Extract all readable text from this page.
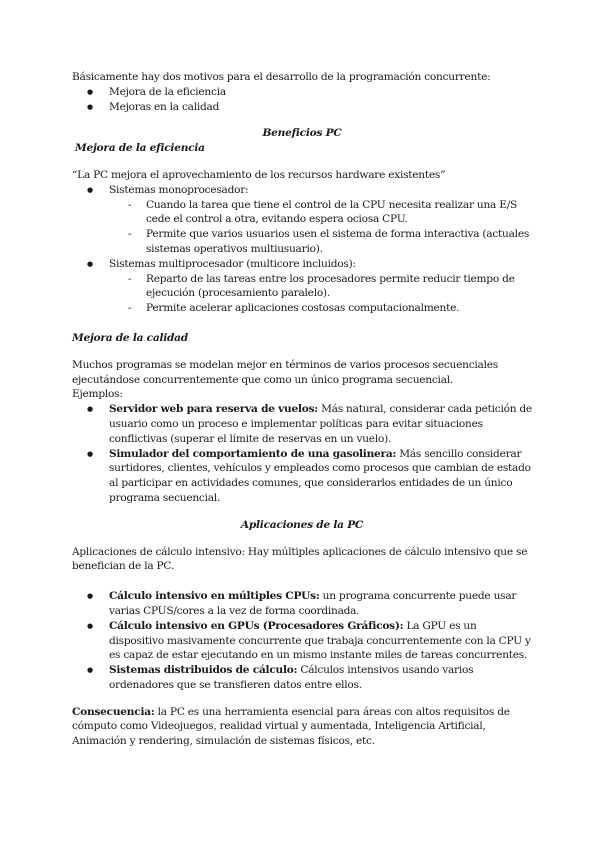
Básicamente hay dos motivos para el desarrollo de la programación concurrente:

● Mejora de la eficiencia
● Mejoras en la calidad

Beneficios PC

Mejora de la eficiencia

“La PC mejora el aprovechamiento de los recursos hardware existentes”

● Sistemas monoprocesador:
- Cuando la tarea que tiene el control de la CPU necesita realizar una E/S cede el control a otra, evitando espera ociosa CPU.
- Permite que varios usuarios usen el sistema de forma interactiva (actuales sistemas operativos multiusuario).
● Sistemas multiprocesador (multicore incluidos):
- Reparto de las tareas entre los procesadores permite reducir tiempo de ejecución (procesamiento paralelo).
- Permite acelerar aplicaciones costosas computacionalmente.

Mejora de la calidad

Muchos programas se modelan mejor en términos de varios procesos secuenciales ejecutándose concurrentemente que como un único programa secuencial.

Ejemplos:

● Servidor web para reserva de vuelos: Más natural, considerar cada petición de usuario como un proceso e implementar políticas para evitar situaciones conflictivas (superar el límite de reservas en un vuelo).
● Simulador del comportamiento de una gasolinera: Más sencillo considerar surtidores, clientes, vehículos y empleados como procesos que cambian de estado al participar en actividades comunes, que considerarlos entidades de un único programa secuencial.

Aplicaciones de la PC

Aplicaciones de cálculo intensivo: Hay múltiples aplicaciones de cálculo intensivo que se benefician de la PC.

● Cálculo intensivo en múltiples CPUs: un programa concurrente puede usar varias CPUS/cores a la vez de forma coordinada.
● Cálculo intensivo en GPUs (Procesadores Gráficos): La GPU es un dispositivo masivamente concurrente que trabaja concurrentemente con la CPU y es capaz de estar ejecutando en un mismo instante miles de tareas concurrentes.
● Sistemas distribuidos de cálculo: Cálculos intensivos usando varios ordenadores que se transfieren datos entre ellos.

Consecuencia: la PC es una herramienta esencial para áreas con altos requisitos de cómputo como Videojuegos, realidad virtual y aumentada, Inteligencia Artificial, Animación y rendering, simulación de sistemas físicos, etc.
